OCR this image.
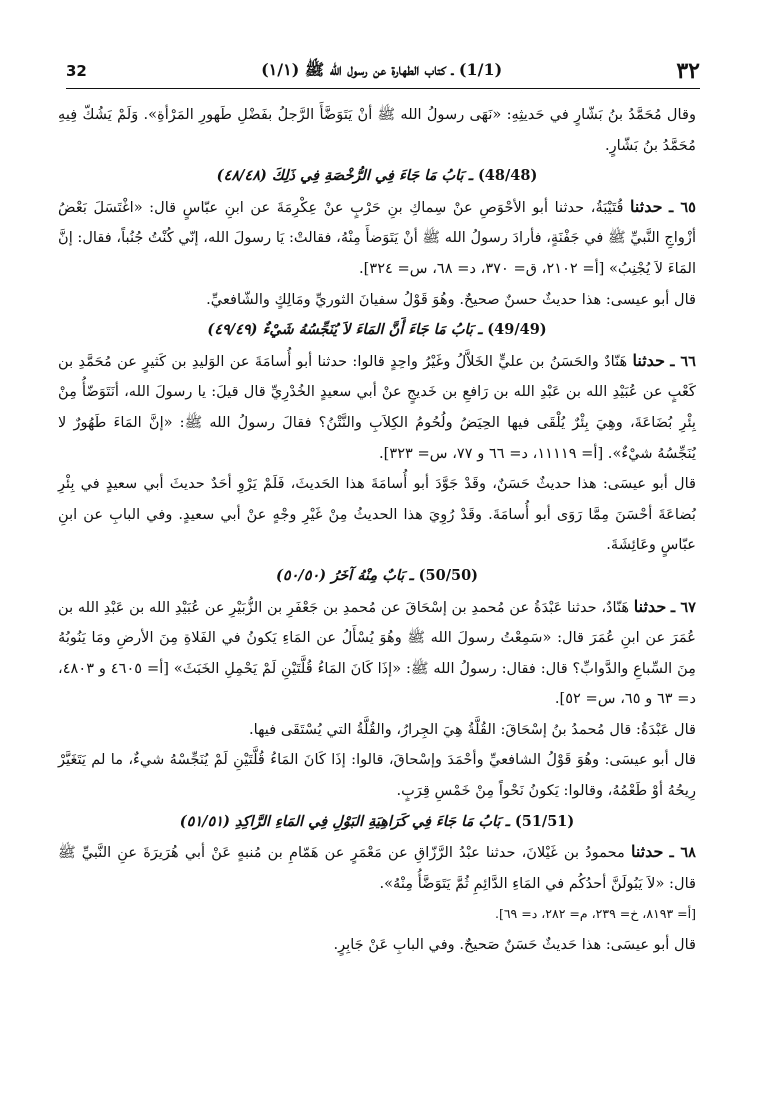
32	(1/1) ـ كتاب الطهارة عن رسول الله ﷺ (١/١)	٣٢

وقال مُحَمَّدُ بنُ بَشّارٍ في حَديثِهِ: «نَهَى رسولُ الله ﷺ أنْ يَتَوَضَّأَ الرَّجلُ بفَضْلِ طَهورِ المَرْأةِ». وَلَمْ يَشُكّ فِيهِ مُحَمَّدُ بنُ بَشّارٍ.

(48/48) ـ بَابُ مَا جَاءَ فِي الرُّخْصَةِ فِي ذَلِكَ (٤٨/٤٨)

٦٥ ـ حدثنا قُتَيْبَةُ، حدثنا أبو الأحْوَصِ عنْ سِماكِ بنِ حَرْبٍ عنْ عِكْرِمَةَ عن ابنِ عبّاسٍ قال: «اغْتَسَلَ بَعْضُ أزْواجِ النَّبيِّ ﷺ في جَفْنَةٍ، فأرادَ رسولُ الله ﷺ أنْ يَتَوَضأَ مِنْهُ، فقالتْ: يَا رسولَ الله، إنّي كُنْتُ جُنُباً، فقال: إنَّ المَاءَ لاَ يُجْنِبُ» [أ= ٢١٠٢، ق= ٣٧٠، د= ٦٨، س= ٣٢٤].

قال أبو عيسى: هذا حديثٌ حسنٌ صحيحٌ. وهُوَ قَوْلُ سفيانَ الثوريِّ ومَالِكٍ والشّافعيِّ.

(49/49) ـ بَابُ مَا جَاءَ أَنَّ المَاءَ لاَ يُنَجِّسُهُ شَيْءٌ (٤٩/٤٩)

٦٦ ـ حدثنا هَنّادٌ والحَسَنُ بن عليٍّ الخَلاَّلُ وغَيْرُ واحِدٍ قالوا: حدثنا أبو أُسامَةَ عن الوَليدِ بن كَثيرٍ عن مُحَمَّدِ بن كَعْبٍ عن عُبَيْدِ الله بن عَبْدِ الله بن رَافعِ بن خَديجٍ عنْ أبي سعيدٍ الخُدْرِيِّ قال قيلَ: يا رسولَ الله، أنَتَوَضّأُ مِنْ بِئْرِ بُضَاعَةَ، وهِيَ بِئْرٌ يُلْقَى فيها الحِيَضُ ولُحُومُ الكِلاَبِ والنَّتْنُ؟ فقالَ رسولُ الله ﷺ: «إنَّ المَاءَ طَهُورٌ لا يُنَجِّسُهُ شيْءٌ». [أ= ١١١١٩، د= ٦٦ و ٧٧، س= ٣٢٣].

قال أبو عيسَى: هذا حديثٌ حَسَنٌ، وقَدْ جَوَّدَ أبو أُسامَةَ هذا الحَديثَ، فَلَمْ يَرْوِ أحَدٌ حديثَ أبي سعيدٍ في بِئْرِ بُضاعَةَ أحْسَنَ مِمَّا رَوَى أبو أُسامَةَ. وقَدْ رُوِيَ هذا الحديثُ مِنْ غَيْرِ وجْهٍ عنْ أبي سعيدٍ. وفي البابِ عن ابنِ عبّاسٍ وعَائِشَةَ.

(50/50) ـ بَابٌ مِنْهُ آخَرُ (٥٠/٥٠)

٦٧ ـ حدثنا هَنّادٌ، حدثنا عَبْدَةُ عن مُحمدِ بن إسْحَاقَ عن مُحمدِ بن جَعْفَرِ بن الزُّبَيْرِ عن عُبَيْدِ الله بن عَبْدِ الله بن عُمَرَ عن ابنِ عُمَرَ قال: «سَمِعْتُ رسولَ الله ﷺ وهُوَ يُسْأَلُ عن المَاءِ يَكونُ في الفَلاةِ مِنَ الأرضِ ومَا يَنُوبُهُ مِنَ السِّباعِ والدَّوابِّ؟ قال: فقال: رسولُ الله ﷺ: «إذَا كَانَ المَاءُ قُلَّتَيْنِ لَمْ يَحْمِلِ الخَبَثَ» [أ= ٤٦٠٥ و ٤٨٠٣، د= ٦٣ و ٦٥، س= ٥٢].

قال عَبْدَةُ: قال مُحمدُ بنُ إسْحَاقَ: القُلَّةُ هِيَ الجِرارُ، والقُلَّةُ التي يُسْتَقَى فيها.

قال أبو عيسَى: وهُوَ قَوْلُ الشافعيِّ وأحْمَدَ وإسْحاقَ، قالوا: إذَا كَانَ المَاءُ قُلَّتَيْنِ لَمْ يُنَجِّسْهُ شيءٌ، ما لم يَتَغَيَّرْ رِيحُهُ أوْ طَعْمُهُ، وقالوا: يَكونُ نَحْواً مِنْ خَمْسِ قِرَبٍ.

(51/51) ـ بَابُ مَا جَاءَ فِي كَرَاهِيَةِ البَوْلِ فِي المَاءِ الرَّاكِدِ (٥١/٥١)

٦٨ ـ حدثنا محمودُ بن غَيْلانَ، حدثنا عبْدُ الرَّزّاقِ عن مَعْمَرٍ عن هَمّامِ بن مُنبهٍ عَنْ أبي هُرَيرَةَ عنِ النَّبيِّ ﷺ قال: «لاَ يَبُولَنَّ أحدُكُم في المَاءِ الدَّائِمِ ثُمَّ يَتَوَضَّأُ مِنْهُ».

[أ= ٨١٩٣، خ= ٢٣٩، م= ٢٨٢، د= ٦٩].

قال أبو عيسَى: هذا حَديثٌ حَسَنٌ صَحيحٌ. وفي البابِ عَنْ جَابِرٍ.
